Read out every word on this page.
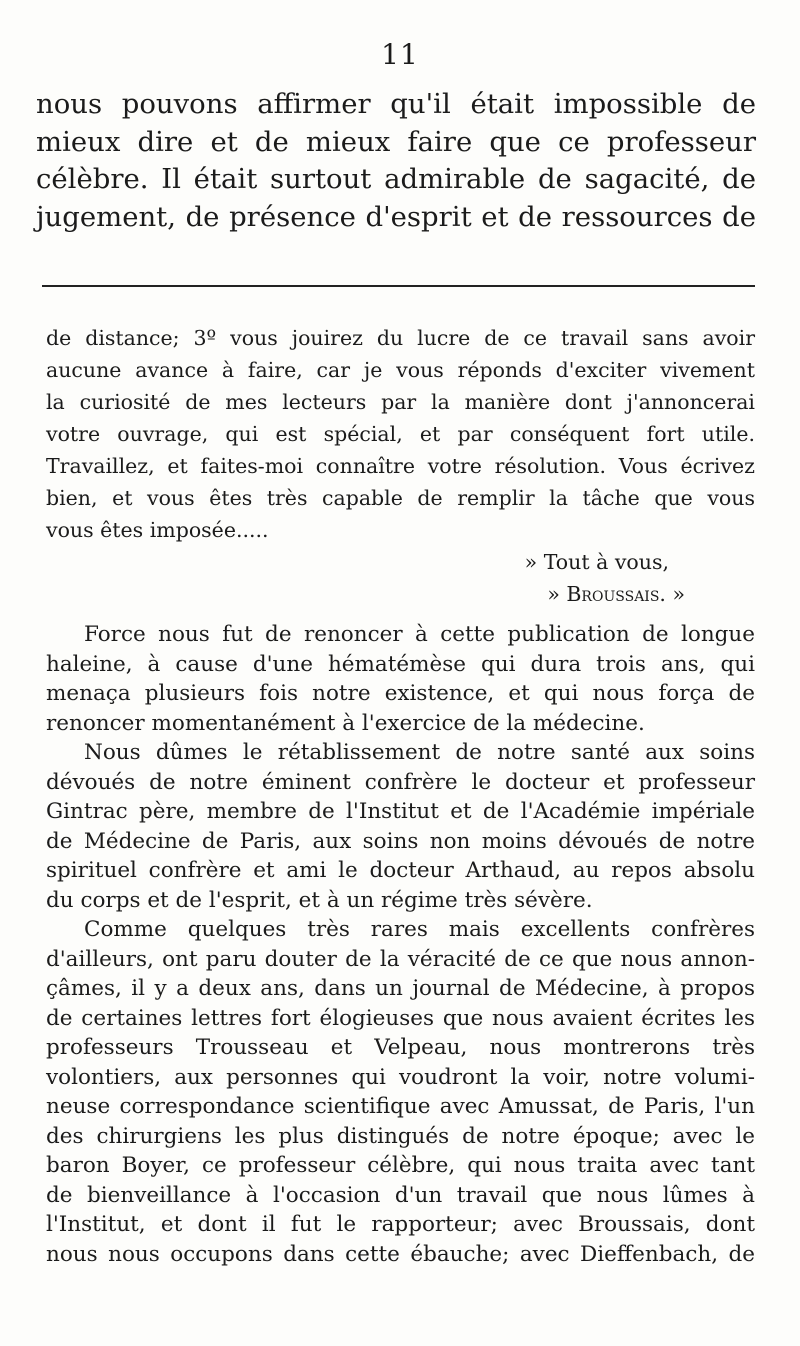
11
nous pouvons affirmer qu'il était impossible de
mieux dire et de mieux faire que ce professeur
célèbre. Il était surtout admirable de sagacité, de
jugement, de présence d'esprit et de ressources de
de distance; 3º vous jouirez du lucre de ce travail sans avoir
aucune avance à faire, car je vous réponds d'exciter vivement
la curiosité de mes lecteurs par la manière dont j'annoncerai
votre ouvrage, qui est spécial, et par conséquent fort utile.
Travaillez, et faites-moi connaître votre résolution. Vous écrivez
bien, et vous êtes très capable de remplir la tâche que vous
vous êtes imposée.....
» Tout à vous,
» Broussais. »

Force nous fut de renoncer à cette publication de longue
haleine, à cause d'une hématémèse qui dura trois ans, qui
menaça plusieurs fois notre existence, et qui nous força de
renoncer momentanément à l'exercice de la médecine.

Nous dûmes le rétablissement de notre santé aux soins
dévoués de notre éminent confrère le docteur et professeur
Gintrac père, membre de l'Institut et de l'Académie impériale
de Médecine de Paris, aux soins non moins dévoués de notre
spirituel confrère et ami le docteur Arthaud, au repos absolu
du corps et de l'esprit, et à un régime très sévère.

Comme quelques très rares mais excellents confrères
d'ailleurs, ont paru douter de la véracité de ce que nous annon-
çâmes, il y a deux ans, dans un journal de Médecine, à propos
de certaines lettres fort élogieuses que nous avaient écrites les
professeurs Trousseau et Velpeau, nous montrerons très
volontiers, aux personnes qui voudront la voir, notre volumi-
neuse correspondance scientifique avec Amussat, de Paris, l'un
des chirurgiens les plus distingués de notre époque; avec le
baron Boyer, ce professeur célèbre, qui nous traita avec tant
de bienveillance à l'occasion d'un travail que nous lûmes à
l'Institut, et dont il fut le rapporteur; avec Broussais, dont
nous nous occupons dans cette ébauche; avec Dieffenbach, de
